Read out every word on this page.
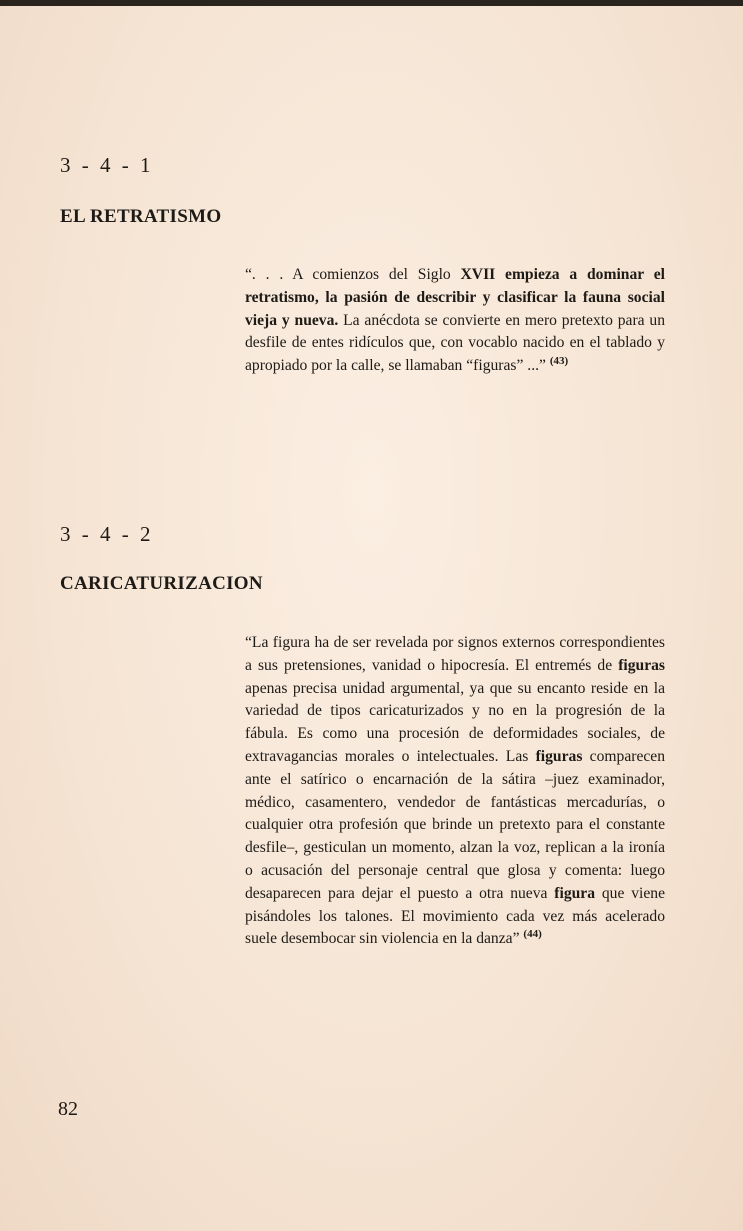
3 - 4 - 1
EL RETRATISMO

“. . . A comienzos del Siglo XVII empieza a dominar el retratismo, la pasión de describir y clasificar la fauna social vieja y nueva. La anécdota se convierte en mero pretexto para un desfile de entes ridículos que, con vocablo nacido en el tablado y apropiado por la calle, se llamaban “figuras” ...” $^{(43)}$

3 - 4 - 2
CARICATURIZACION

“La figura ha de ser revelada por signos externos correspondientes a sus pretensiones, vanidad o hipocresía. El entremés de figuras apenas precisa unidad argumental, ya que su encanto reside en la variedad de tipos caricaturizados y no en la progresión de la fábula. Es como una procesión de deformidades sociales, de extravagancias morales o intelectuales. Las figuras comparecen ante el satírico o encarnación de la sátira –juez examinador, médico, casamentero, vendedor de fantásticas mercadurías, o cualquier otra profesión que brinde un pretexto para el constante desfile–, gesticulan un momento, alzan la voz, replican a la ironía o acusación del personaje central que glosa y comenta: luego desaparecen para dejar el puesto a otra nueva figura que viene pisándoles los talones. El movimiento cada vez más acelerado suele desembocar sin violencia en la danza” $^{(44)}$

82
